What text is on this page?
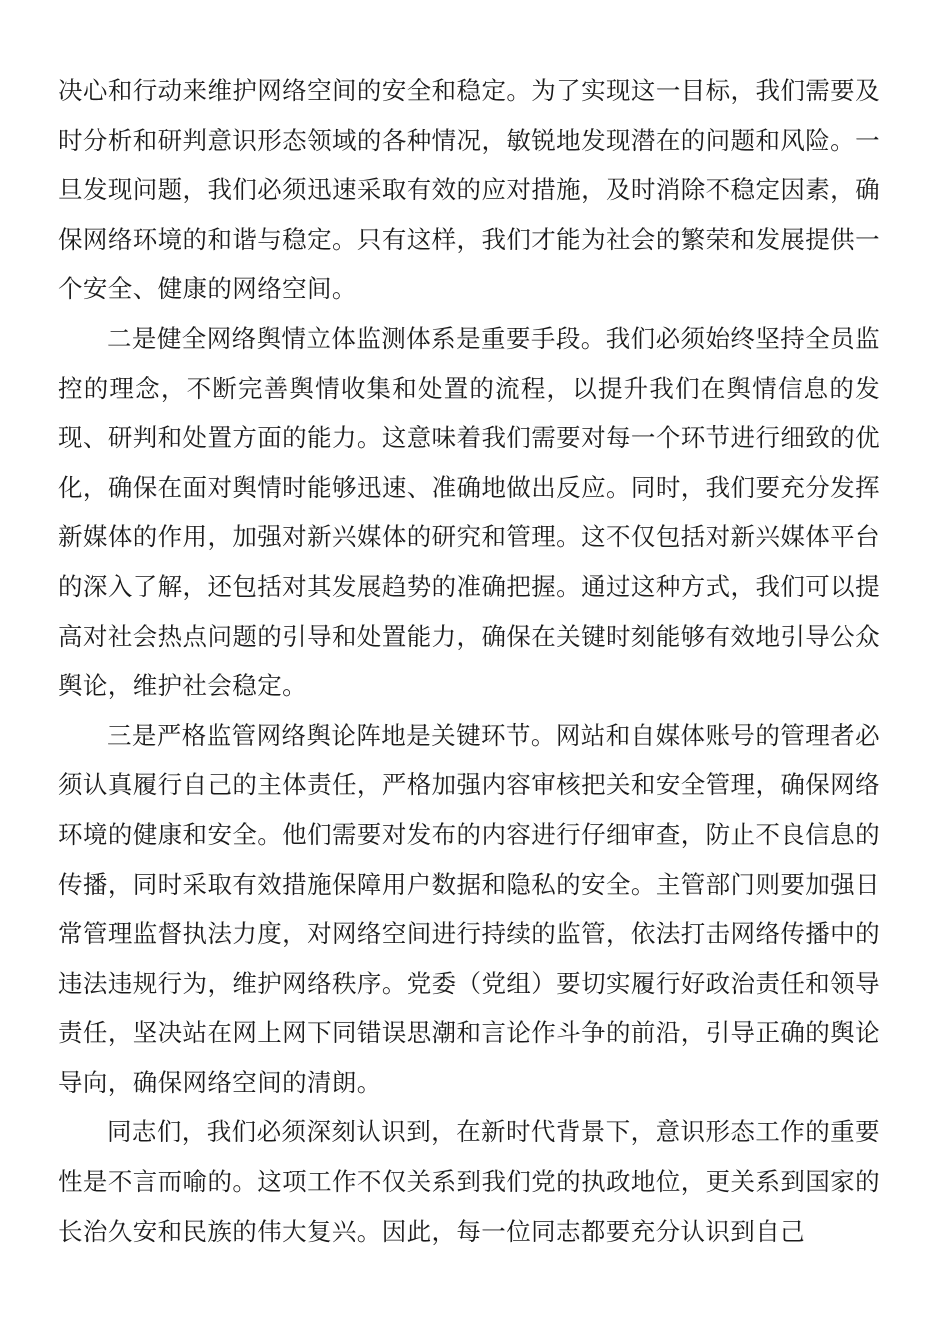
决心和行动来维护网络空间的安全和稳定。为了实现这一目标，我们需要及时分析和研判意识形态领域的各种情况，敏锐地发现潜在的问题和风险。一旦发现问题，我们必须迅速采取有效的应对措施，及时消除不稳定因素，确保网络环境的和谐与稳定。只有这样，我们才能为社会的繁荣和发展提供一个安全、健康的网络空间。

二是健全网络舆情立体监测体系是重要手段。我们必须始终坚持全员监控的理念，不断完善舆情收集和处置的流程，以提升我们在舆情信息的发现、研判和处置方面的能力。这意味着我们需要对每一个环节进行细致的优化，确保在面对舆情时能够迅速、准确地做出反应。同时，我们要充分发挥新媒体的作用，加强对新兴媒体的研究和管理。这不仅包括对新兴媒体平台的深入了解，还包括对其发展趋势的准确把握。通过这种方式，我们可以提高对社会热点问题的引导和处置能力，确保在关键时刻能够有效地引导公众舆论，维护社会稳定。

三是严格监管网络舆论阵地是关键环节。网站和自媒体账号的管理者必须认真履行自己的主体责任，严格加强内容审核把关和安全管理，确保网络环境的健康和安全。他们需要对发布的内容进行仔细审查，防止不良信息的传播，同时采取有效措施保障用户数据和隐私的安全。主管部门则要加强日常管理监督执法力度，对网络空间进行持续的监管，依法打击网络传播中的违法违规行为，维护网络秩序。党委（党组）要切实履行好政治责任和领导责任，坚决站在网上网下同错误思潮和言论作斗争的前沿，引导正确的舆论导向，确保网络空间的清朗。

同志们，我们必须深刻认识到，在新时代背景下，意识形态工作的重要性是不言而喻的。这项工作不仅关系到我们党的执政地位，更关系到国家的长治久安和民族的伟大复兴。因此，每一位同志都要充分认识到自己
